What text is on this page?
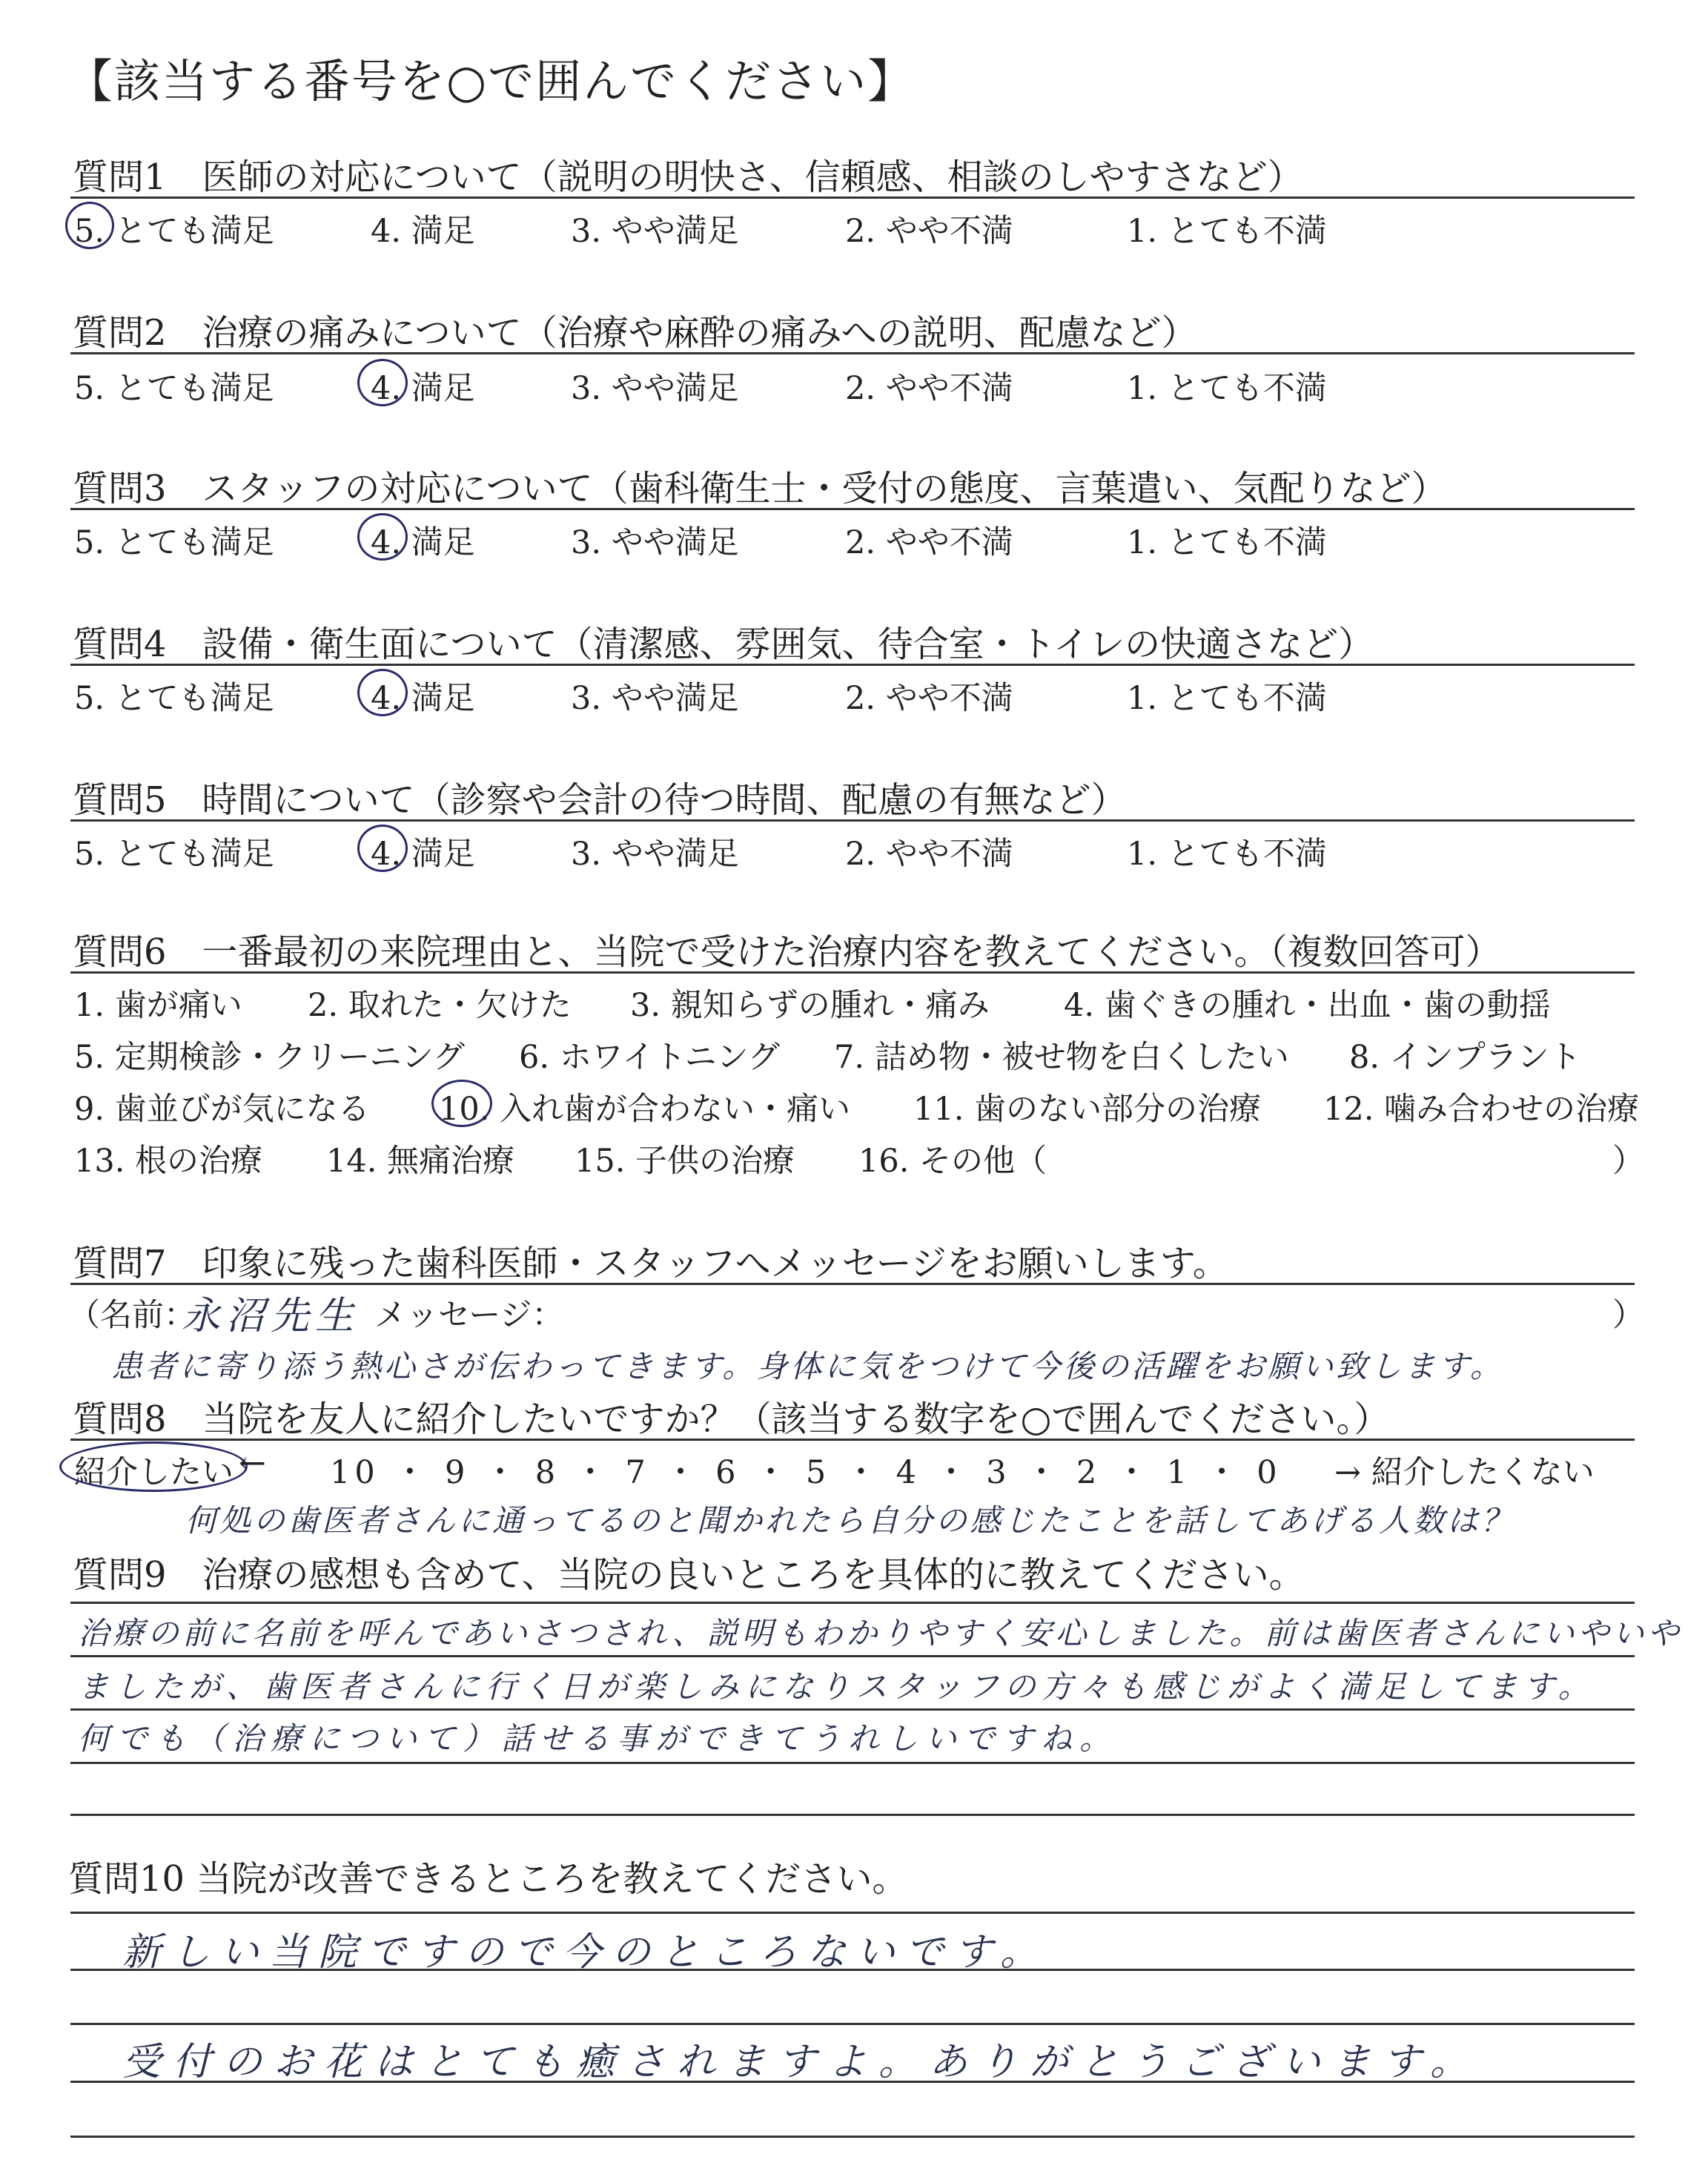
【該当する番号を○で囲んでください】
質問1　医師の対応について（説明の明快さ、信頼感、相談のしやすさなど）
5. とても満足	4. 満足	3. やや満足	2. やや不満	1. とても不満
質問2　治療の痛みについて（治療や麻酔の痛みへの説明、配慮など）
5. とても満足	4. 満足	3. やや満足	2. やや不満	1. とても不満
質問3　スタッフの対応について（歯科衛生士・受付の態度、言葉遣い、気配りなど）
5. とても満足	4. 満足	3. やや満足	2. やや不満	1. とても不満
質問4　設備・衛生面について（清潔感、雰囲気、待合室・トイレの快適さなど）
5. とても満足	4. 満足	3. やや満足	2. やや不満	1. とても不満
質問5　時間について（診察や会計の待つ時間、配慮の有無など）
5. とても満足	4. 満足	3. やや満足	2. やや不満	1. とても不満
質問6　一番最初の来院理由と、当院で受けた治療内容を教えてください。（複数回答可）
1. 歯が痛い 2. 取れた・欠けた 3. 親知らずの腫れ・痛み 4. 歯ぐきの腫れ・出血・歯の動揺
5. 定期検診・クリーニング 6. ホワイトニング 7. 詰め物・被せ物を白くしたい 8. インプラント
9. 歯並びが気になる 10. 入れ歯が合わない・痛い 11. 歯のない部分の治療 12. 噛み合わせの治療
13. 根の治療 14. 無痛治療 15. 子供の治療 16. その他（	）
質問7　印象に残った歯科医師・スタッフへメッセージをお願いします。
（名前：
永沼先生 メッセージ：	）
患者に寄り添う熱心さが伝わってきます。身体に気をつけて今後の活躍をお願い致します。
質問8　当院を友人に紹介したいですか？（該当する数字を○で囲んでください。）
紹介したい ← 10 ・ 9 ・ 8 ・ 7 ・ 6 ・ 5 ・ 4 ・ 3 ・ 2 ・ 1 ・ 0 → 紹介したくない
何処の歯医者さんに通ってるのと聞かれたら自分の感じたことを話してあげる人数は？
質問9　治療の感想も含めて、当院の良いところを具体的に教えてください。
治療の前に名前を呼んであいさつされ、説明もわかりやすく安心しました。前は歯医者さんにいやいや
ましたが、歯医者さんに行く日が楽しみになりスタッフの方々も感じがよく満足してます。
何でも（治療について）話せる事ができてうれしいですね。
質問10 当院が改善できるところを教えてください。
新しい当院ですので今のところないです。
受付のお花はとても癒されますよ。ありがとうございます。
